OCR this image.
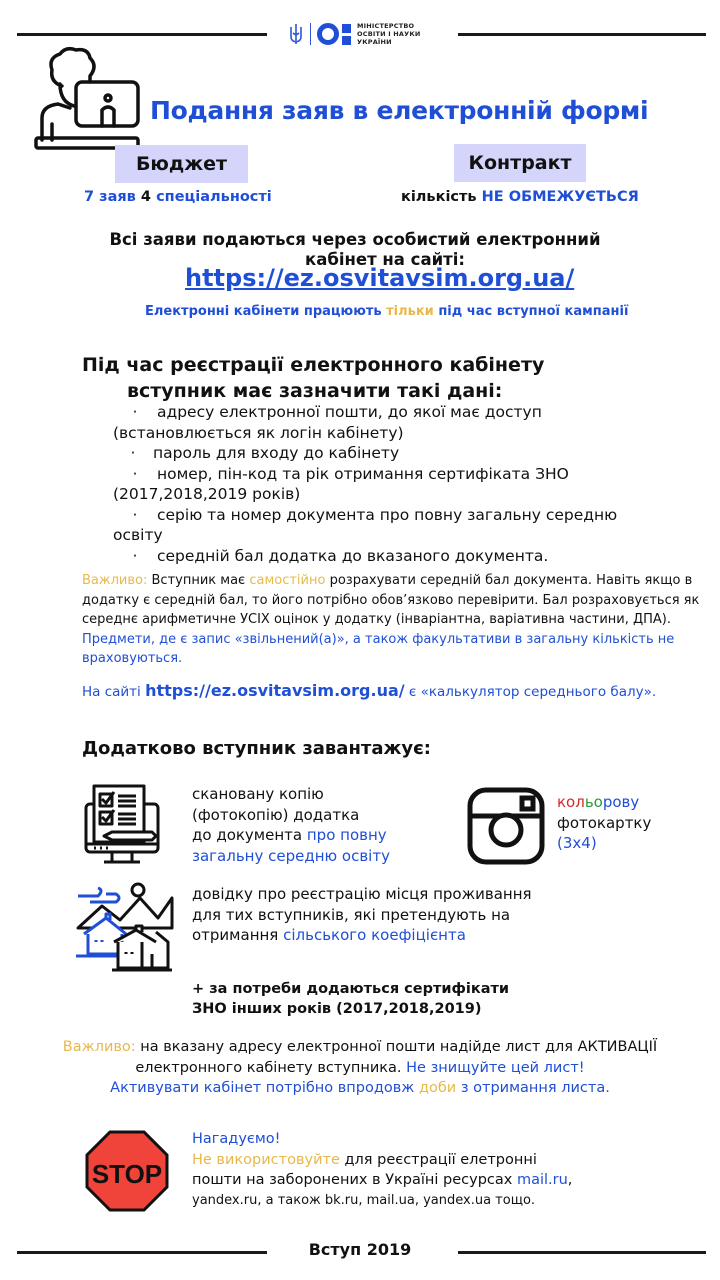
МІНІСТЕРСТВО
ОСВІТИ І НАУКИ
УКРАЇНИ
Подання заяв в електронній формі
Бюджет	Контракт
7 заяв 4 спеціальності	кількість НЕ ОБМЕЖУЄТЬСЯ
Всі заяви подаються через особистий електронний
кабінет на сайті:
https://ez.osvitavsim.org.ua/
Електронні кабінети працюють тільки під час вступної кампанії
Під час реєстрації електронного кабінету
вступник має зазначити такі дані:
· адресу електронної пошти, до якої має доступ
(встановлюється як логін кабінету)
· пароль для входу до кабінету
· номер, пін-код та рік отримання сертифіката ЗНО
(2017,2018,2019 років)
· серію та номер документа про повну загальну середню
освіту
· середній бал додатка до вказаного документа.
Важливо: Вступник має самостійно розрахувати середній бал документа. Навіть якщо в додатку є середній бал, то його потрібно обов’язково перевірити. Бал розраховується як середнє арифметичне УСІХ оцінок у додатку (інваріантна, варіативна частини, ДПА). Предмети, де є запис «звільнений(а)», а також факультативи в загальну кількість не враховуються.
На сайті https://ez.osvitavsim.org.ua/ є «калькулятор середнього балу».
Додатково вступник завантажує:
скановану копію
(фотокопію) додатка
до документа про повну
загальну середню освіту
кольорову
фотокартку
(3x4)
довідку про реєстрацію місця проживання
для тих вступників, які претендують на
отримання сільського коефіцієнта
+ за потреби додаються сертифікати
ЗНО інших років (2017,2018,2019)
Важливо: на вказану адресу електронної пошти надійде лист для АКТИВАЦІЇ
електронного кабінету вступника. Не знищуйте цей лист!
Активувати кабінет потрібно впродовж доби з отримання листа.
STOP
Нагадуємо!
Не використовуйте для реєстрації елетронні
пошти на заборонених в Україні ресурсах mail.ru,
yandex.ru, а також bk.ru, mail.ua, yandex.ua тощо.
Вступ 2019
